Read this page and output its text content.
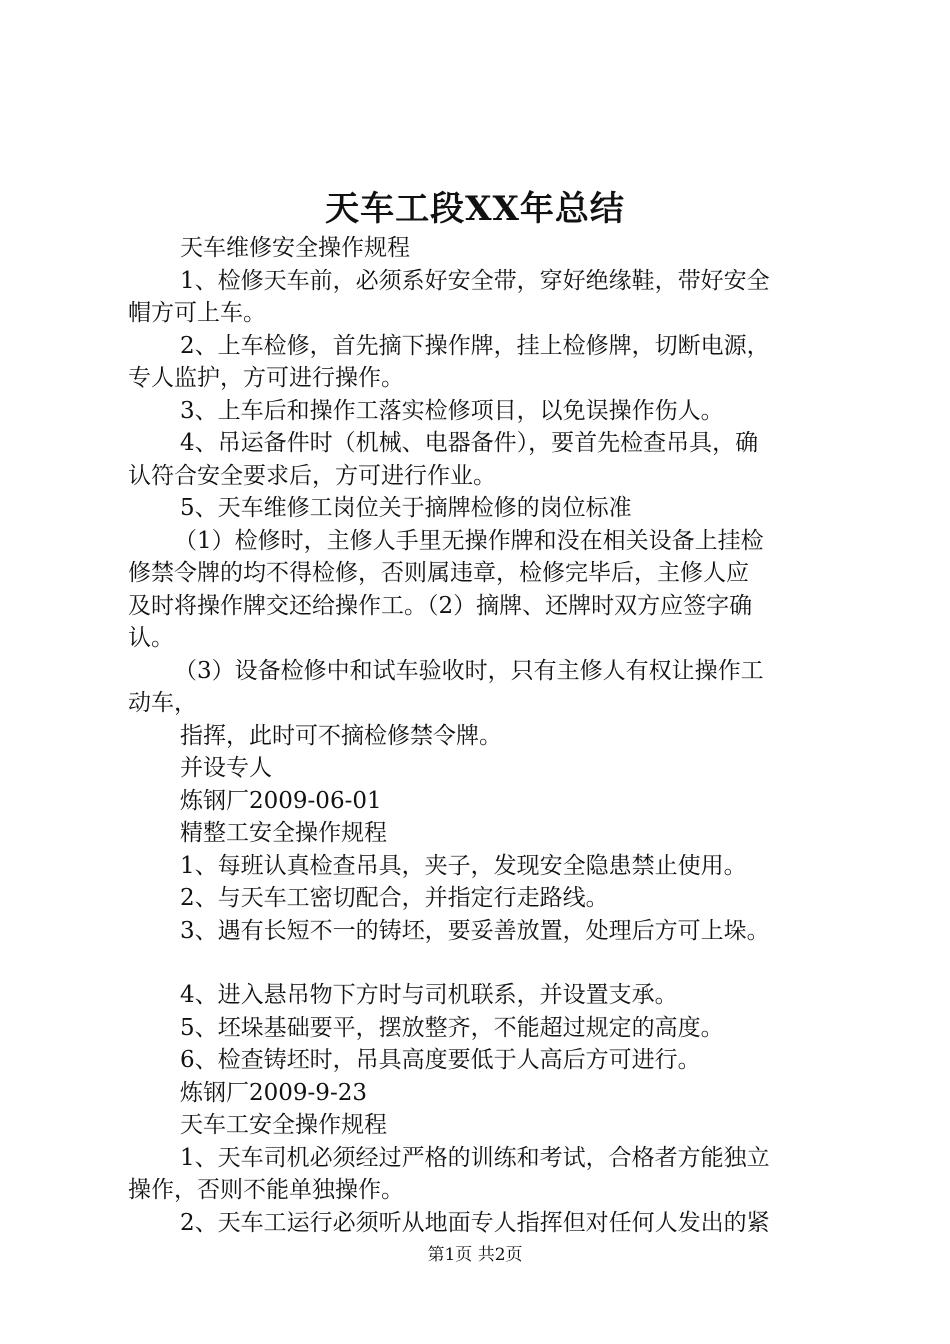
天车工段XX年总结

天车维修安全操作规程

1、检修天车前，必须系好安全带，穿好绝缘鞋，带好安全

帽方可上车。

2、上车检修，首先摘下操作牌，挂上检修牌，切断电源，

专人监护，方可进行操作。

3、上车后和操作工落实检修项目，以免误操作伤人。

4、吊运备件时（机械、电器备件），要首先检查吊具，确

认符合安全要求后，方可进行作业。

5、天车维修工岗位关于摘牌检修的岗位标准

（1）检修时，主修人手里无操作牌和没在相关设备上挂检

修禁令牌的均不得检修，否则属违章，检修完毕后，主修人应

及时将操作牌交还给操作工。（2）摘牌、还牌时双方应签字确

认。

（3）设备检修中和试车验收时，只有主修人有权让操作工

动车，

指挥，此时可不摘检修禁令牌。

并设专人

炼钢厂2009-06-01

精整工安全操作规程

1、每班认真检查吊具，夹子，发现安全隐患禁止使用。

2、与天车工密切配合，并指定行走路线。

3、遇有长短不一的铸坯，要妥善放置，处理后方可上垛。

4、进入悬吊物下方时与司机联系，并设置支承。

5、坯垛基础要平，摆放整齐，不能超过规定的高度。

6、检查铸坯时，吊具高度要低于人高后方可进行。

炼钢厂2009-9-23

天车工安全操作规程

1、天车司机必须经过严格的训练和考试，合格者方能独立

操作，否则不能单独操作。

2、天车工运行必须听从地面专人指挥但对任何人发出的紧

第1页 共2页
